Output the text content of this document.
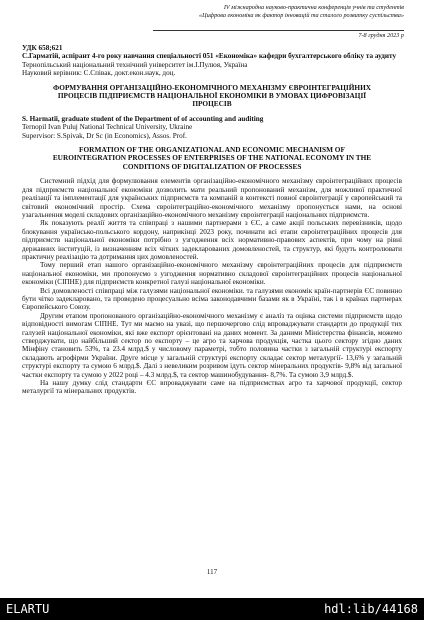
IV міжнародна науково-практична конференція учнів та студентів
«Цифрова економіка як фактор інновацій та сталого розвитку суспільства»
7-8 грудня 2023 р
УДК 658;621
С.Гарматій, аспірант 4-го року навчання спеціальності 051 «Економіка» кафедри бухгалтерського обліку та аудиту
Тернопільський національний технічний університет ім.І.Пулюя, Україна
Науковий керівник: С.Співак, докт.екон.наук, доц.
ФОРМУВАННЯ ОРГАНІЗАЦІЙНО-ЕКОНОМІЧНОГО МЕХАНІЗМУ ЄВРОІНТЕГРАЦІЙНИХ ПРОЦЕСІВ ПІДПРИЄМСТВ НАЦІОНАЛЬНОЇ ЕКОНОМІКИ В УМОВАХ ЦИФРОВІЗАЦІЇ ПРОЦЕСІВ
S. Harmatii, graduate student of the Department of of accounting and auditing
Ternopil Ivan Puluj National Technical University, Ukraine
Supervisor: S.Spivak, Dr Sc (in Economics), Assos. Prof.
FORMATION OF THE ORGANIZATIONAL AND ECONOMIC MECHANISM OF EUROINTEGRATION PROCESSES OF ENTERPRISES OF THE NATIONAL ECONOMY IN THE CONDITIONS OF DIGITALIZATION OF PROCESSES

Системний підхід для формулювання елементів організаційно-економічного механізму євроінтеграційних процесів для підприємств національної економіки дозволить мати реальний пропонований механізм, для можливої практичної реалізації та імплементації для українських підприємств та компаній в контексті повної євроінтеграції у європейський та світовий економічний простір. Схема євроінтеграційно-економічного механізму пропонується нами, на основі узагальнення моделі складових організаційно-економічного механізму євроінтеграції національних підприємств.

Як показують реалії життя та співпраці з нашими партнерами з ЄС, а саме акції польських перевізників, щодо блокування українсько-польського кордону, наприкінці 2023 року, починати всі етапи євроінтеграційних процесів для підприємств національної економіки потрібно з узгодження всіх нормативно-правових аспектів, при чому на рівні державних інституцій, із визначенням всіх чітких задекларованих домовленостей, та структур, які будуть контролювати практичну реалізацію та дотримання цих домовленостей.

Тому перший етап нашого організаційно-економічного механізму євроінтеграційних процесів для підприємств національної економіки, ми пропонуємо з узгодження нормативно складової євроінтеграційних процесів національної економіки (СІПНЕ) для підприємств конкретної галузі національної економіки.

Всі домовленості співпраці між галузями національної економіки. та галузями економік країн-партнерів ЄС повинно бути чітко задекларовано, та проведено процесуально всіма законодавчими базами як в Україні, так і в країнах партнерах Європейського Союзу.

Другим етапом пропонованого організаційно-економічного механізму є аналіз та оцінка системи підприємств щодо відповідності вимогам СІПНЕ. Тут ми маємо на увазі, що першочергово слід впроваджувати стандарти до продукції тих галузей національної економіки, які вже експорт орієнтовані на даних момент. За даними Міністерства фінансів, можемо стверджувати, що найбільший сектор по експорту – це агро та харчова продукція, частка цього сектору згідно даних Мінфіну становить 53%, та 23.4 млрд.$ у числовому параметрі, тобто половина частки з загальній структурі експорту складають агрофірми України. Друге місце у загальній структурі експорту складає сектор металургії- 13,6% у загальній структурі експорту та сумою 6 млрд.$. Далі з невеликим розривом ідуть сектор мінеральних продуктів- 9,8% від загальної частки експорту та сумою у 2022 році – 4.3 млрд.$, та сектор машинобудування- 8,7%. Та сумою 3,9 млрд.$.

На нашу думку слід стандарти ЄС впроваджувати саме на підприємствах агро та харчової продукції, сектор металургії та мінеральних продуктів.

117
ELARTU	hdl:lib/44168
